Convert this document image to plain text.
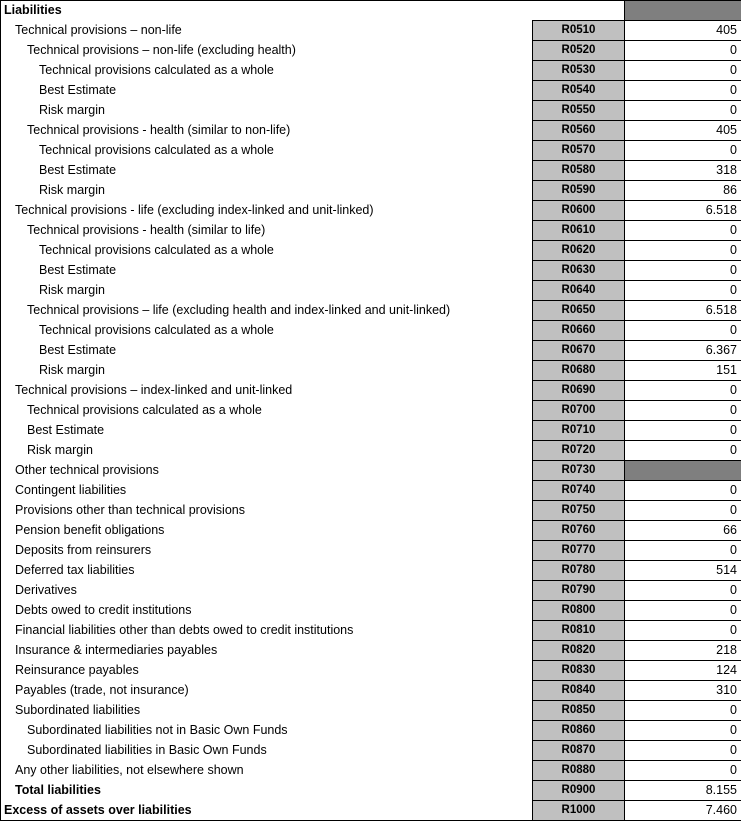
Liabilities		
Technical provisions – non-life	R0510	405
Technical provisions – non-life (excluding health)	R0520	0
Technical provisions calculated as a whole	R0530	0
Best Estimate	R0540	0
Risk margin	R0550	0
Technical provisions - health (similar to non-life)	R0560	405
Technical provisions calculated as a whole	R0570	0
Best Estimate	R0580	318
Risk margin	R0590	86
Technical provisions - life (excluding index-linked and unit-linked)	R0600	6.518
Technical provisions - health (similar to life)	R0610	0
Technical provisions calculated as a whole	R0620	0
Best Estimate	R0630	0
Risk margin	R0640	0
Technical provisions – life (excluding health and index-linked and unit-linked)	R0650	6.518
Technical provisions calculated as a whole	R0660	0
Best Estimate	R0670	6.367
Risk margin	R0680	151
Technical provisions – index-linked and unit-linked	R0690	0
Technical provisions calculated as a whole	R0700	0
Best Estimate	R0710	0
Risk margin	R0720	0
Other technical provisions	R0730	
Contingent liabilities	R0740	0
Provisions other than technical provisions	R0750	0
Pension benefit obligations	R0760	66
Deposits from reinsurers	R0770	0
Deferred tax liabilities	R0780	514
Derivatives	R0790	0
Debts owed to credit institutions	R0800	0
Financial liabilities other than debts owed to credit institutions	R0810	0
Insurance & intermediaries payables	R0820	218
Reinsurance payables	R0830	124
Payables (trade, not insurance)	R0840	310
Subordinated liabilities	R0850	0
Subordinated liabilities not in Basic Own Funds	R0860	0
Subordinated liabilities in Basic Own Funds	R0870	0
Any other liabilities, not elsewhere shown	R0880	0
Total liabilities	R0900	8.155
Excess of assets over liabilities	R1000	7.460
